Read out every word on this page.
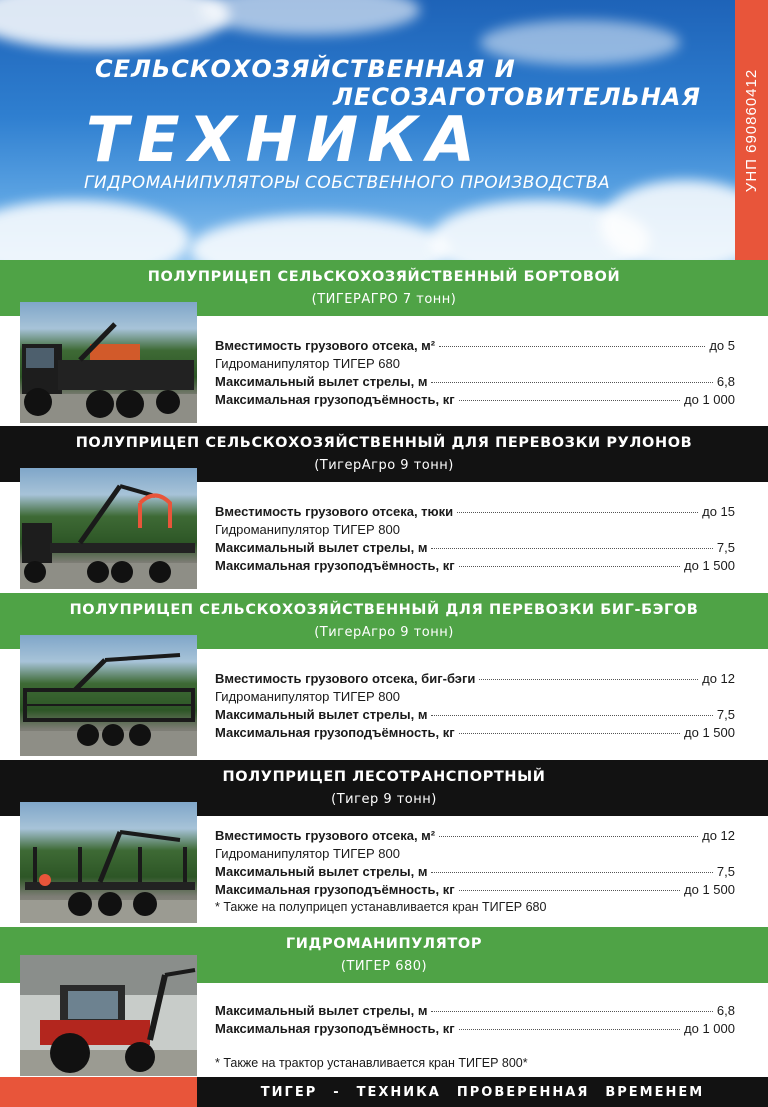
СЕЛЬСКОХОЗЯЙСТВЕННАЯ И
ЛЕСОЗАГОТОВИТЕЛЬНАЯ
ТЕХНИКА
ГИДРОМАНИПУЛЯТОРЫ СОБСТВЕННОГО ПРОИЗВОДСТВА	УНП 690860412
ПОЛУПРИЦЕП СЕЛЬСКОХОЗЯЙСТВЕННЫЙ БОРТОВОЙ
(ТИГЕРАГРО 7 тонн)
Вместимость грузового отсека, м²	до 5
Гидроманипулятор ТИГЕР 680
Максимальный вылет стрелы, м	6,8
Максимальная грузоподъёмность, кг	до 1 000
ПОЛУПРИЦЕП СЕЛЬСКОХОЗЯЙСТВЕННЫЙ ДЛЯ ПЕРЕВОЗКИ РУЛОНОВ
(ТигерАгро 9 тонн)
Вместимость грузового отсека, тюки	до 15
Гидроманипулятор ТИГЕР 800
Максимальный вылет стрелы, м	7,5
Максимальная грузоподъёмность, кг	до 1 500
ПОЛУПРИЦЕП СЕЛЬСКОХОЗЯЙСТВЕННЫЙ ДЛЯ ПЕРЕВОЗКИ БИГ-БЭГОВ
(ТигерАгро 9 тонн)
Вместимость грузового отсека, биг-бэги	до 12
Гидроманипулятор ТИГЕР 800
Максимальный вылет стрелы, м	7,5
Максимальная грузоподъёмность, кг	до 1 500
ПОЛУПРИЦЕП ЛЕСОТРАНСПОРТНЫЙ
(Тигер 9 тонн)
Вместимость грузового отсека, м²	до 12
Гидроманипулятор ТИГЕР 800
Максимальный вылет стрелы, м	7,5
Максимальная грузоподъёмность, кг	до 1 500
* Также на полуприцеп устанавливается кран ТИГЕР 680
ГИДРОМАНИПУЛЯТОР
(ТИГЕР 680)
Максимальный вылет стрелы, м	6,8
Максимальная грузоподъёмность, кг	до 1 000
* Также на трактор устанавливается кран ТИГЕР 800*
ТИГЕР - ТЕХНИКА ПРОВЕРЕННАЯ ВРЕМЕНЕМ
